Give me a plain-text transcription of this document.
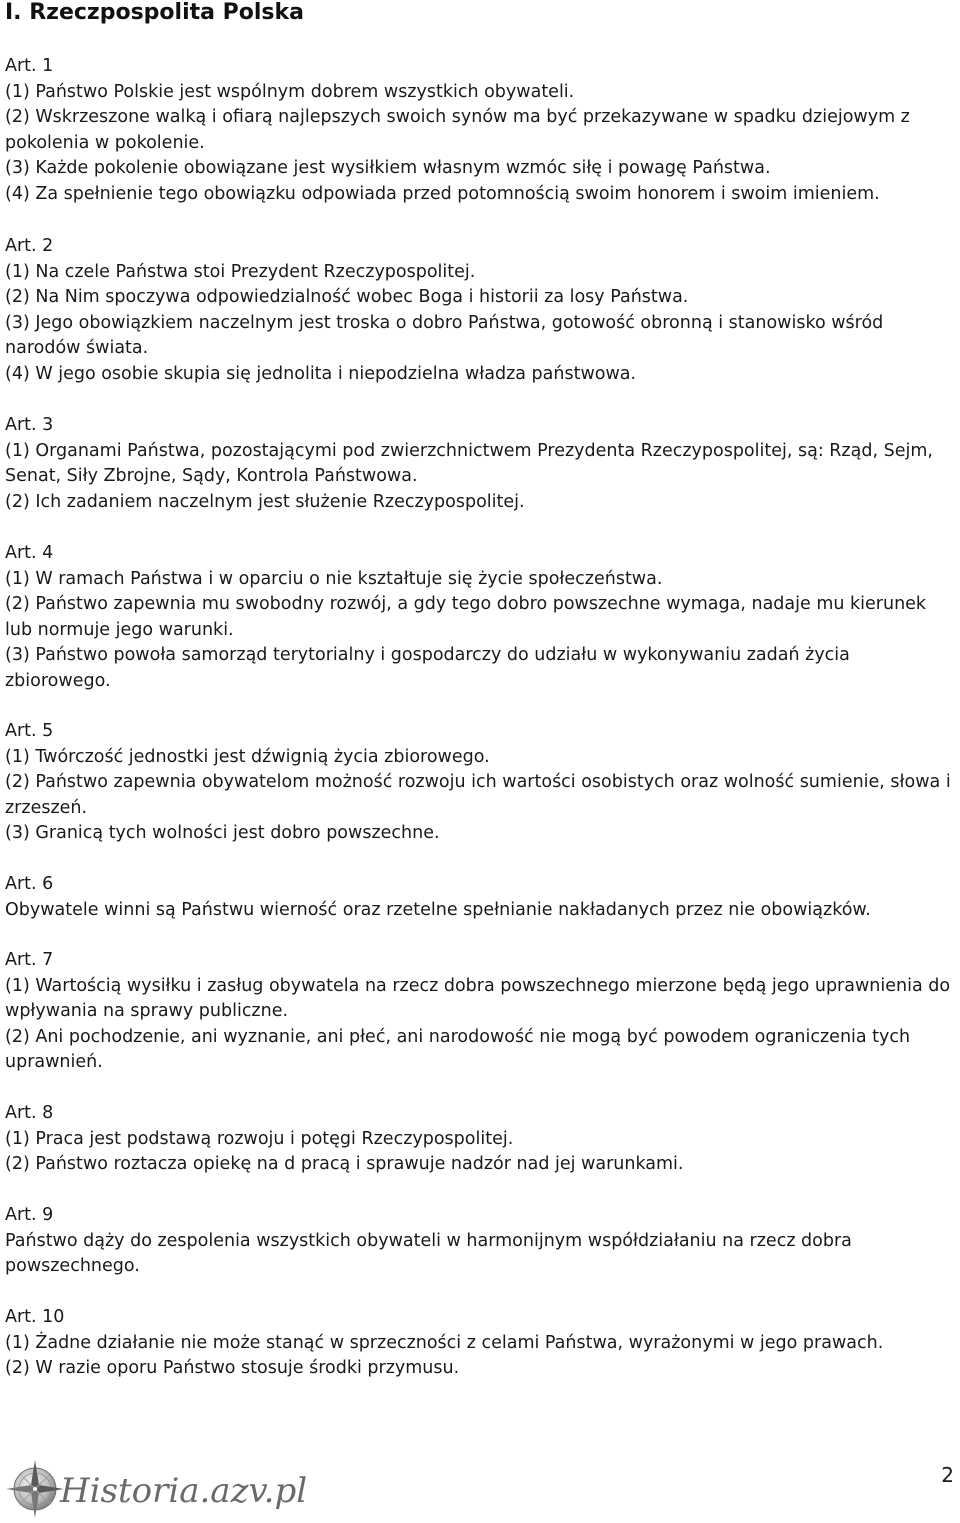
I. Rzeczpospolita Polska

Art. 1

(1) Państwo Polskie jest wspólnym dobrem wszystkich obywateli.

(2) Wskrzeszone walką i ofiarą najlepszych swoich synów ma być przekazywane w spadku dziejowym z pokolenia w pokolenie.

(3) Każde pokolenie obowiązane jest wysiłkiem własnym wzmóc siłę i powagę Państwa.

(4) Za spełnienie tego obowiązku odpowiada przed potomnością swoim honorem i swoim imieniem.

Art. 2

(1) Na czele Państwa stoi Prezydent Rzeczypospolitej.

(2) Na Nim spoczywa odpowiedzialność wobec Boga i historii za losy Państwa.

(3) Jego obowiązkiem naczelnym jest troska o dobro Państwa, gotowość obronną i stanowisko wśród narodów świata.

(4) W jego osobie skupia się jednolita i niepodzielna władza państwowa.

Art. 3

(1) Organami Państwa, pozostającymi pod zwierzchnictwem Prezydenta Rzeczypospolitej, są: Rząd, Sejm, Senat, Siły Zbrojne, Sądy, Kontrola Państwowa.

(2) Ich zadaniem naczelnym jest służenie Rzeczypospolitej.

Art. 4

(1) W ramach Państwa i w oparciu o nie kształtuje się życie społeczeństwa.

(2) Państwo zapewnia mu swobodny rozwój, a gdy tego dobro powszechne wymaga, nadaje mu kierunek lub normuje jego warunki.

(3) Państwo powoła samorząd terytorialny i gospodarczy do udziału w wykonywaniu zadań życia zbiorowego.

Art. 5

(1) Twórczość jednostki jest dźwignią życia zbiorowego.

(2) Państwo zapewnia obywatelom możność rozwoju ich wartości osobistych oraz wolność sumienie, słowa i zrzeszeń.

(3) Granicą tych wolności jest dobro powszechne.

Art. 6

Obywatele winni są Państwu wierność oraz rzetelne spełnianie nakładanych przez nie obowiązków.

Art. 7

(1) Wartością wysiłku i zasług obywatela na rzecz dobra powszechnego mierzone będą jego uprawnienia do wpływania na sprawy publiczne.

(2) Ani pochodzenie, ani wyznanie, ani płeć, ani narodowość nie mogą być powodem ograniczenia tych uprawnień.

Art. 8

(1) Praca jest podstawą rozwoju i potęgi Rzeczypospolitej.

(2) Państwo roztacza opiekę na d pracą i sprawuje nadzór nad jej warunkami.

Art. 9

Państwo dąży do zespolenia wszystkich obywateli w harmonijnym współdziałaniu na rzecz dobra powszechnego.

Art. 10

(1) Żadne działanie nie może stanąć w sprzeczności z celami Państwa, wyrażonymi w jego prawach.

(2) W razie oporu Państwo stosuje środki przymusu.

Historia.azv.pl	2
